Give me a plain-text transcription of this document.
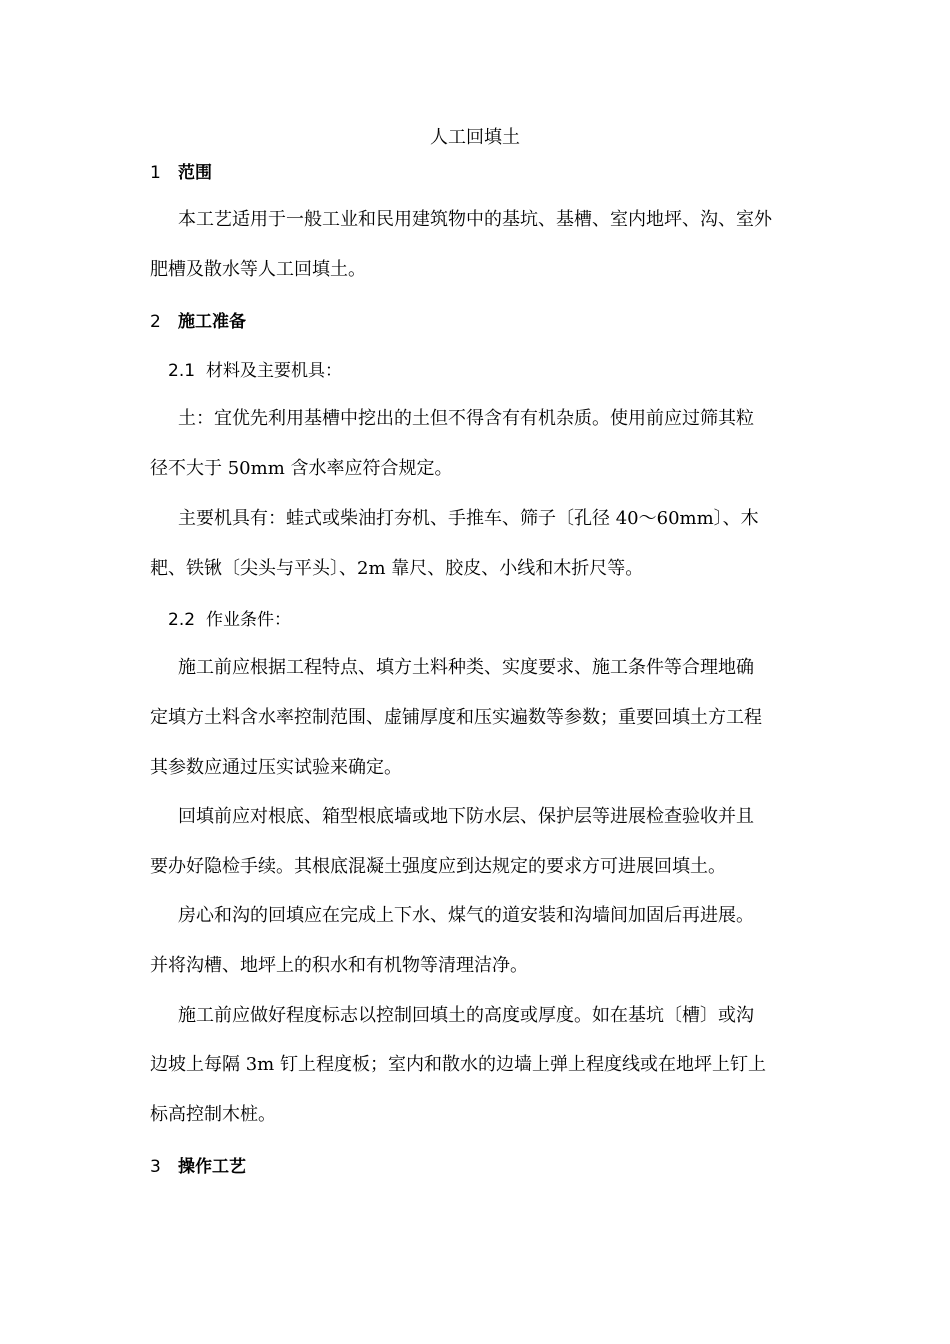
人工回填土
1 范围
本工艺适用于一般工业和民用建筑物中的基坑、基槽、室内地坪、沟、室外
肥槽及散水等人工回填土。
2 施工准备
2.1 材料及主要机具：
土：宜优先利用基槽中挖出的土但不得含有有机杂质。使用前应过筛其粒
径不大于 50mm 含水率应符合规定。
主要机具有：蛙式或柴油打夯机、手推车、筛子〔孔径 40～60mm〕、木
耙、铁锹〔尖头与平头〕、2m 靠尺、胶皮、小线和木折尺等。
2.2 作业条件：
施工前应根据工程特点、填方土料种类、实度要求、施工条件等合理地确
定填方土料含水率控制范围、虚铺厚度和压实遍数等参数；重要回填土方工程
其参数应通过压实试验来确定。
回填前应对根底、箱型根底墙或地下防水层、保护层等进展检查验收并且
要办好隐检手续。其根底混凝土强度应到达规定的要求方可进展回填土。
房心和沟的回填应在完成上下水、煤气的道安装和沟墙间加固后再进展。
并将沟槽、地坪上的积水和有机物等清理洁净。
施工前应做好程度标志以控制回填土的高度或厚度。如在基坑〔槽〕或沟
边坡上每隔 3m 钉上程度板；室内和散水的边墙上弹上程度线或在地坪上钉上
标高控制木桩。
3 操作工艺
